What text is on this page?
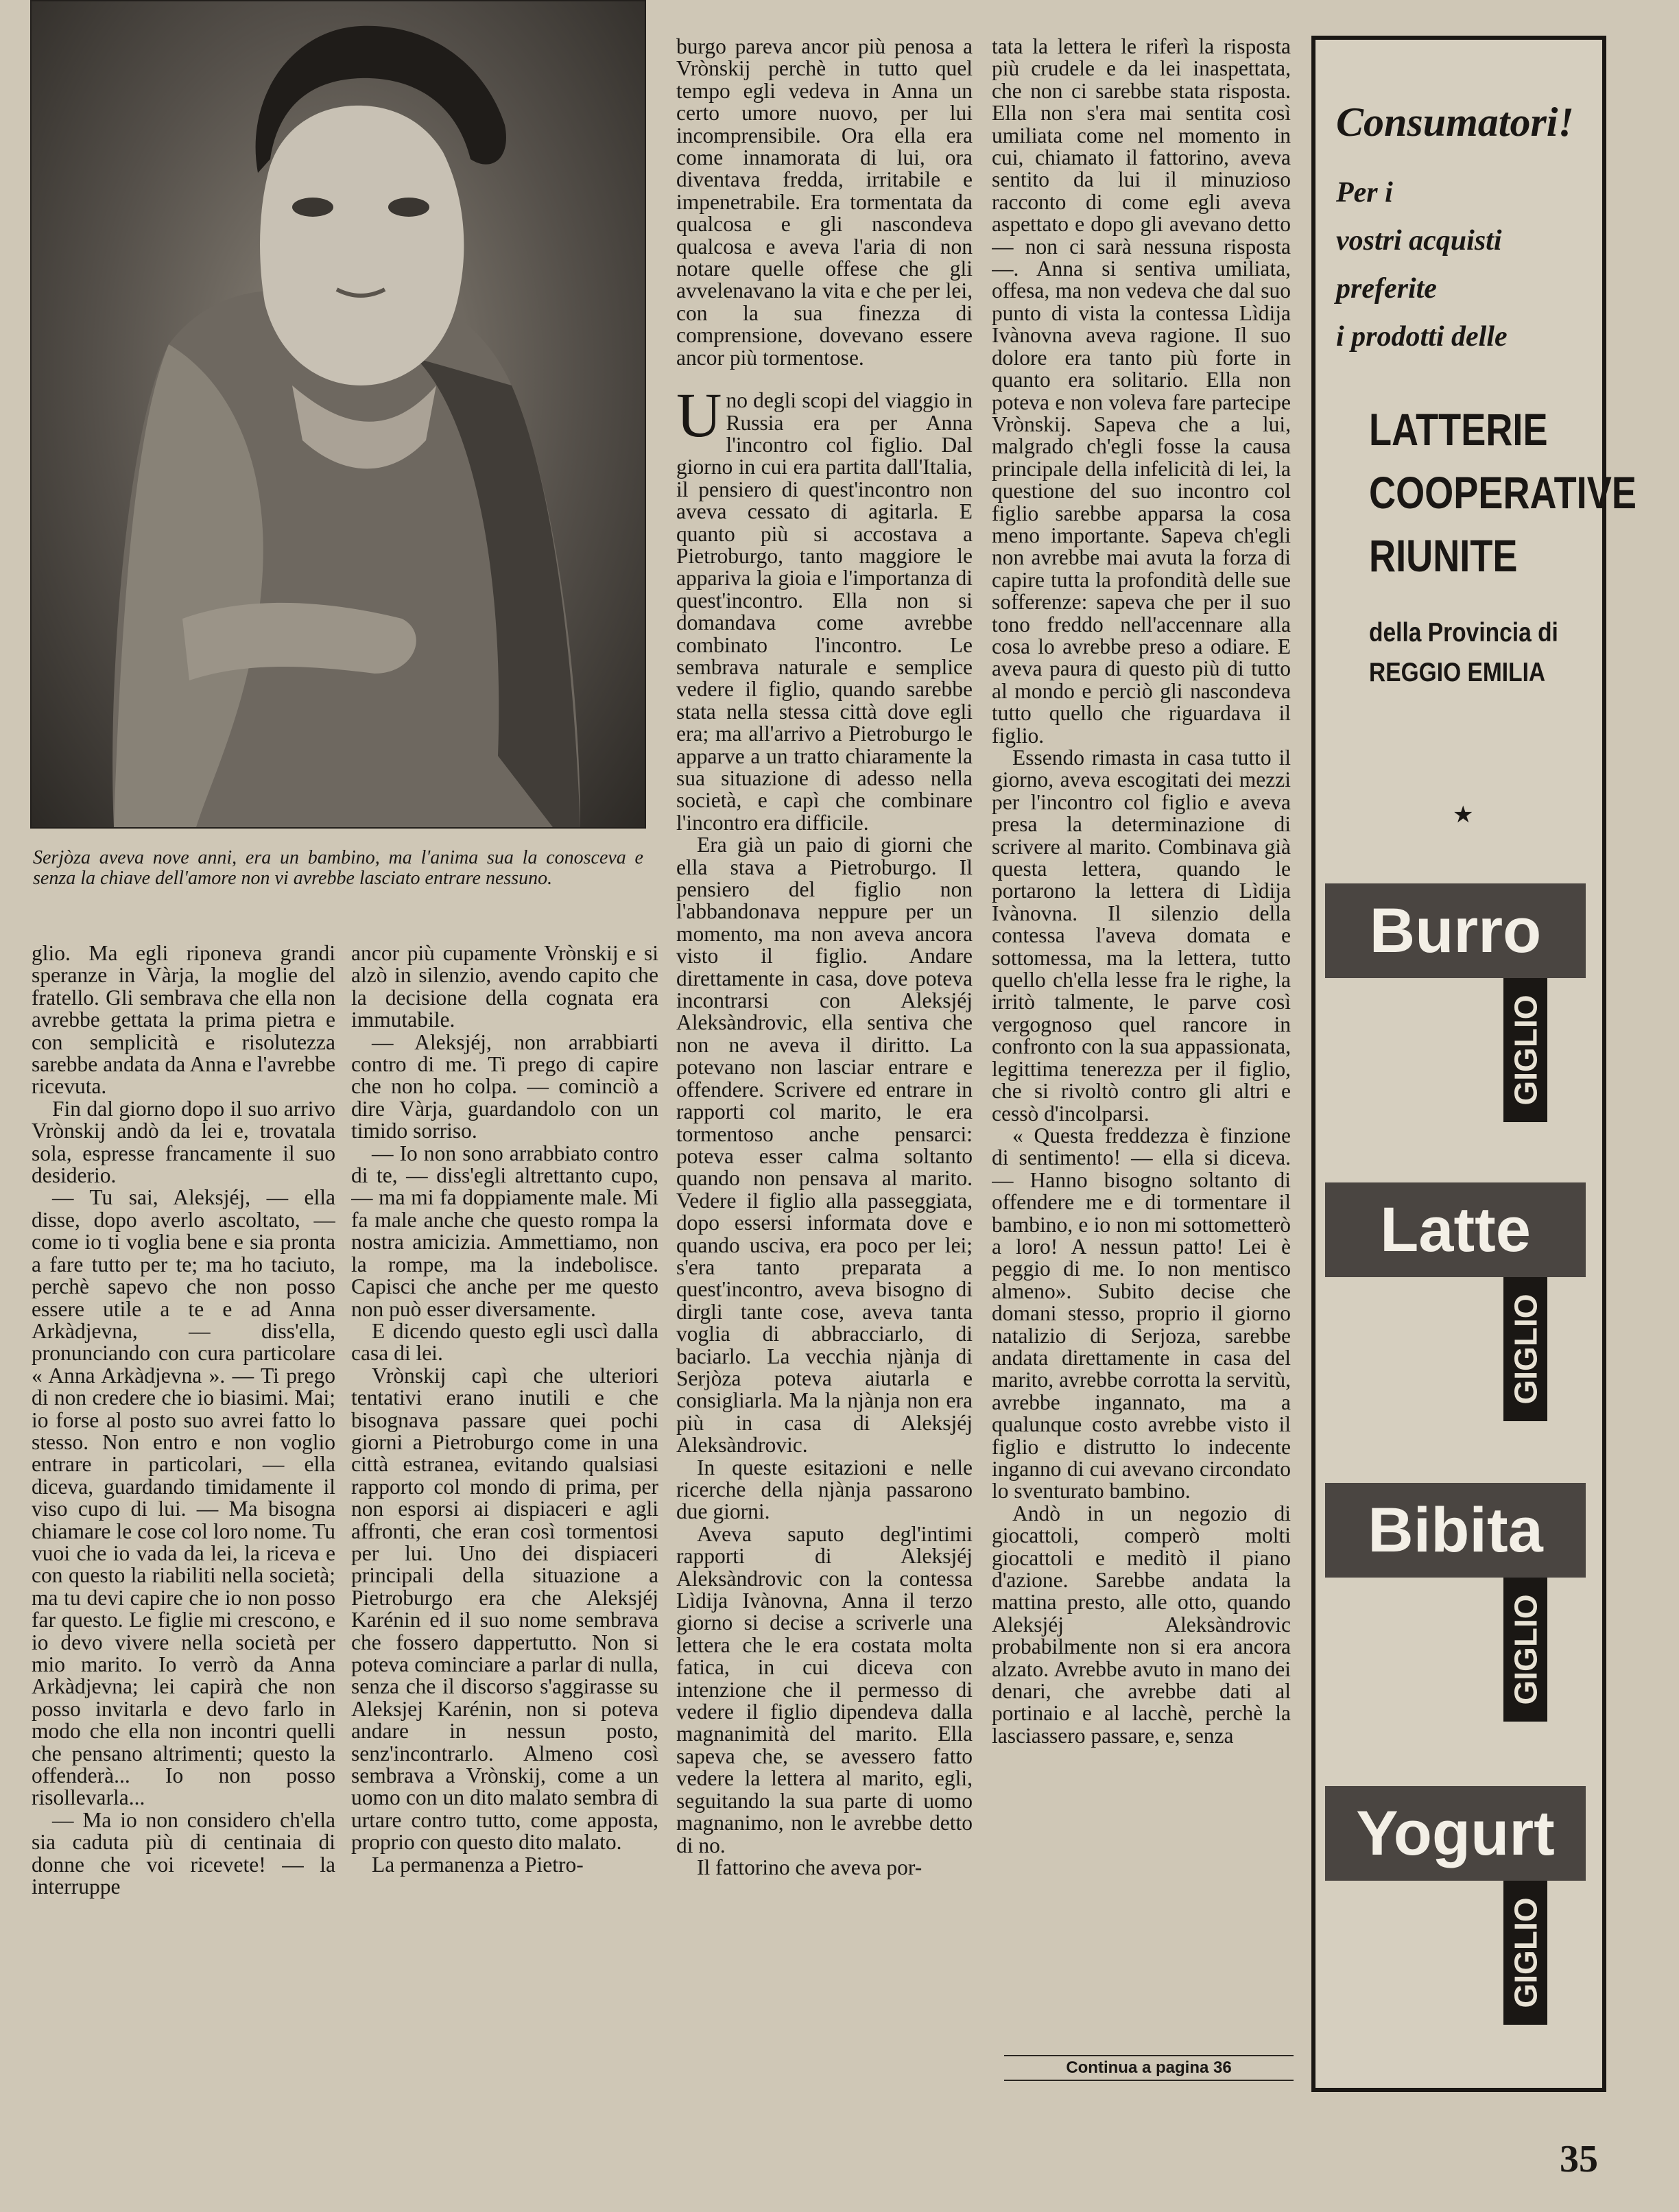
Serjòza aveva nove anni, era un bambino, ma l'anima sua la conosceva e senza la chiave dell'amore non vi avrebbe lasciato entrare nessuno.

glio. Ma egli riponeva grandi speranze in Vàrja, la moglie del fratello. Gli sembrava che ella non avrebbe gettata la prima pietra e con semplicità e risolutezza sarebbe andata da Anna e l'avrebbe ricevuta.

Fin dal giorno dopo il suo arrivo Vrònskij andò da lei e, trovatala sola, espresse francamente il suo desiderio.

— Tu sai, Aleksjéj, — ella disse, dopo averlo ascoltato, — come io ti voglia bene e sia pronta a fare tutto per te; ma ho taciuto, perchè sapevo che non posso essere utile a te e ad Anna Arkàdjevna, — diss'ella, pronunciando con cura particolare « Anna Arkàdjevna ». — Ti prego di non credere che io biasimi. Mai; io forse al posto suo avrei fatto lo stesso. Non entro e non voglio entrare in particolari, — ella diceva, guardando timidamente il viso cupo di lui. — Ma bisogna chiamare le cose col loro nome. Tu vuoi che io vada da lei, la riceva e con questo la riabiliti nella società; ma tu devi capire che io non posso far questo. Le figlie mi crescono, e io devo vivere nella società per mio marito. Io verrò da Anna Arkàdjevna; lei capirà che non posso invitarla e devo farlo in modo che ella non incontri quelli che pensano altrimenti; questo la offenderà... Io non posso risollevarla...

— Ma io non considero ch'ella sia caduta più di centinaia di donne che voi ricevete! — la interruppe

ancor più cupamente Vrònskij e si alzò in silenzio, avendo capito che la decisione della cognata era immutabile.

— Aleksjéj, non arrabbiarti contro di me. Ti prego di capire che non ho colpa. — cominciò a dire Vàrja, guardandolo con un timido sorriso.

— Io non sono arrabbiato contro di te, — diss'egli altrettanto cupo, — ma mi fa doppiamente male. Mi fa male anche che questo rompa la nostra amicizia. Ammettiamo, non la rompe, ma la indebolisce. Capisci che anche per me questo non può esser diversamente.

E dicendo questo egli uscì dalla casa di lei.

Vrònskij capì che ulteriori tentativi erano inutili e che bisognava passare quei pochi giorni a Pietroburgo come in una città estranea, evitando qualsiasi rapporto col mondo di prima, per non esporsi ai dispiaceri e agli affronti, che eran così tormentosi per lui. Uno dei dispiaceri principali della situazione a Pietroburgo era che Aleksjéj Karénin ed il suo nome sembrava che fossero dappertutto. Non si poteva cominciare a parlar di nulla, senza che il discorso s'aggirasse su Aleksjej Karénin, non si poteva andare in nessun posto, senz'incontrarlo. Almeno così sembrava a Vrònskij, come a un uomo con un dito malato sembra di urtare contro tutto, come apposta, proprio con questo dito malato.

La permanenza a Pietro-

burgo pareva ancor più penosa a Vrònskij perchè in tutto quel tempo egli vedeva in Anna un certo umore nuovo, per lui incomprensibile. Ora ella era come innamorata di lui, ora diventava fredda, irritabile e impenetrabile. Era tormentata da qualcosa e gli nascondeva qualcosa e aveva l'aria di non notare quelle offese che gli avvelenavano la vita e che per lei, con la sua finezza di comprensione, dovevano essere ancor più tormentose.

Uno degli scopi del viaggio in Russia era per Anna l'incontro col figlio. Dal giorno in cui era partita dall'Italia, il pensiero di quest'incontro non aveva cessato di agitarla. E quanto più si accostava a Pietroburgo, tanto maggiore le appariva la gioia e l'importanza di quest'incontro. Ella non si domandava come avrebbe combinato l'incontro. Le sembrava naturale e semplice vedere il figlio, quando sarebbe stata nella stessa città dove egli era; ma all'arrivo a Pietroburgo le apparve a un tratto chiaramente la sua situazione di adesso nella società, e capì che combinare l'incontro era difficile.

Era già un paio di giorni che ella stava a Pietroburgo. Il pensiero del figlio non l'abbandonava neppure per un momento, ma non aveva ancora visto il figlio. Andare direttamente in casa, dove poteva incontrarsi con Aleksjéj Aleksàndrovic, ella sentiva che non ne aveva il diritto. La potevano non lasciar entrare e offendere. Scrivere ed entrare in rapporti col marito, le era tormentoso anche pensarci: poteva esser calma soltanto quando non pensava al marito. Vedere il figlio alla passeggiata, dopo essersi informata dove e quando usciva, era poco per lei; s'era tanto preparata a quest'incontro, aveva bisogno di dirgli tante cose, aveva tanta voglia di abbracciarlo, di baciarlo. La vecchia njànja di Serjòza poteva aiutarla e consigliarla. Ma la njànja non era più in casa di Aleksjéj Aleksàndrovic.

In queste esitazioni e nelle ricerche della njànja passarono due giorni.

Aveva saputo degl'intimi rapporti di Aleksjéj Aleksàndrovic con la contessa Lìdija Ivànovna, Anna il terzo giorno si decise a scriverle una lettera che le era costata molta fatica, in cui diceva con intenzione che il permesso di vedere il figlio dipendeva dalla magnanimità del marito. Ella sapeva che, se avessero fatto vedere la lettera al marito, egli, seguitando la sua parte di uomo magnanimo, non le avrebbe detto di no.

Il fattorino che aveva por-

tata la lettera le riferì la risposta più crudele e da lei inaspettata, che non ci sarebbe stata risposta. Ella non s'era mai sentita così umiliata come nel momento in cui, chiamato il fattorino, aveva sentito da lui il minuzioso racconto di come egli aveva aspettato e dopo gli avevano detto — non ci sarà nessuna risposta —. Anna si sentiva umiliata, offesa, ma non vedeva che dal suo punto di vista la contessa Lìdija Ivànovna aveva ragione. Il suo dolore era tanto più forte in quanto era solitario. Ella non poteva e non voleva fare partecipe Vrònskij. Sapeva che a lui, malgrado ch'egli fosse la causa principale della infelicità di lei, la questione del suo incontro col figlio sarebbe apparsa la cosa meno importante. Sapeva ch'egli non avrebbe mai avuta la forza di capire tutta la profondità delle sue sofferenze: sapeva che per il suo tono freddo nell'accennare alla cosa lo avrebbe preso a odiare. E aveva paura di questo più di tutto al mondo e perciò gli nascondeva tutto quello che riguardava il figlio.

Essendo rimasta in casa tutto il giorno, aveva escogitati dei mezzi per l'incontro col figlio e aveva presa la determinazione di scrivere al marito. Combinava già questa lettera, quando le portarono la lettera di Lìdija Ivànovna. Il silenzio della contessa l'aveva domata e sottomessa, ma la lettera, tutto quello ch'ella lesse fra le righe, la irritò talmente, le parve così vergognoso quel rancore in confronto con la sua appassionata, legittima tenerezza per il figlio, che si rivoltò contro gli altri e cessò d'incolparsi.

« Questa freddezza è finzione di sentimento! — ella si diceva. — Hanno bisogno soltanto di offendere me e di tormentare il bambino, e io non mi sottometterò a loro! A nessun patto! Lei è peggio di me. Io non mentisco almeno». Subito decise che domani stesso, proprio il giorno natalizio di Serjoza, sarebbe andata direttamente in casa del marito, avrebbe corrotta la servitù, avrebbe ingannato, ma a qualunque costo avrebbe visto il figlio e distrutto lo indecente inganno di cui avevano circondato lo sventurato bambino.

Andò in un negozio di giocattoli, comperò molti giocattoli e meditò il piano d'azione. Sarebbe andata la mattina presto, alle otto, quando Aleksjéj Aleksàndrovic probabilmente non si era ancora alzato. Avrebbe avuto in mano dei denari, che avrebbe dati al portinaio e al lacchè, perchè la lasciassero passare, e, senza

Continua a pagina 36

Consumatori!

Per i
vostri acquisti
preferite
i prodotti delle
LATTERIE
COOPERATIVE
RIUNITE
della Provincia di
REGGIO EMILIA

★

Burro
GIGLIO
Latte
GIGLIO
Bibita
GIGLIO
Yogurt
GIGLIO

35
